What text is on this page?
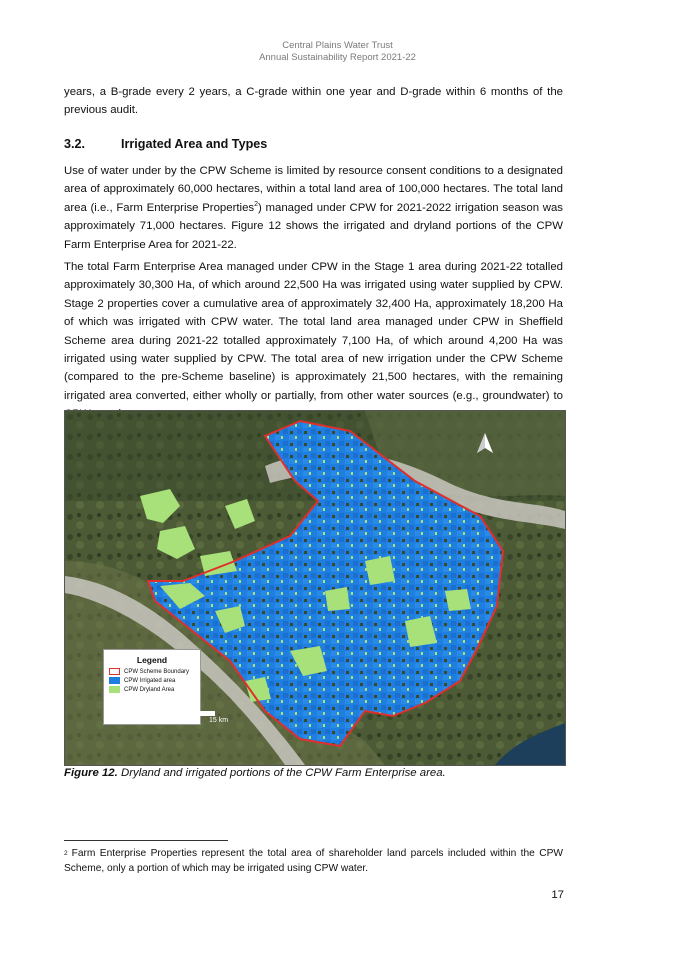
Central Plains Water Trust
Annual Sustainability Report 2021-22

years, a B-grade every 2 years, a C-grade within one year and D-grade within 6 months of the previous audit.

3.2.	Irrigated Area and Types

Use of water under by the CPW Scheme is limited by resource consent conditions to a designated area of approximately 60,000 hectares, within a total land area of 100,000 hectares. The total land area (i.e., Farm Enterprise Properties$^2$) managed under CPW for 2021-2022 irrigation season was approximately 71,000 hectares. Figure 12 shows the irrigated and dryland portions of the CPW Farm Enterprise Area for 2021-22.

The total Farm Enterprise Area managed under CPW in the Stage 1 area during 2021-22 totalled approximately 30,300 Ha, of which around 22,500 Ha was irrigated using water supplied by CPW. Stage 2 properties cover a cumulative area of approximately 32,400 Ha, approximately 18,200 Ha of which was irrigated with CPW water. The total land area managed under CPW in Sheffield Scheme area during 2021-22 totalled approximately 7,100 Ha, of which around 4,200 Ha was irrigated using water supplied by CPW. The total area of new irrigation under the CPW Scheme (compared to the pre-Scheme baseline) is approximately 21,500 hectares, with the remaining irrigated area converted, either wholly or partially, from other water sources (e.g., groundwater) to

Legend
CPW Scheme Boundary
CPW Irrigated area
CPW Dryland Area
0	5	10	15 km

Figure 12. Dryland and irrigated portions of the CPW Farm Enterprise area.

$^2$ Farm Enterprise Properties represent the total area of shareholder land parcels included within the CPW Scheme, only a portion of which may be irrigated using CPW water.

17
